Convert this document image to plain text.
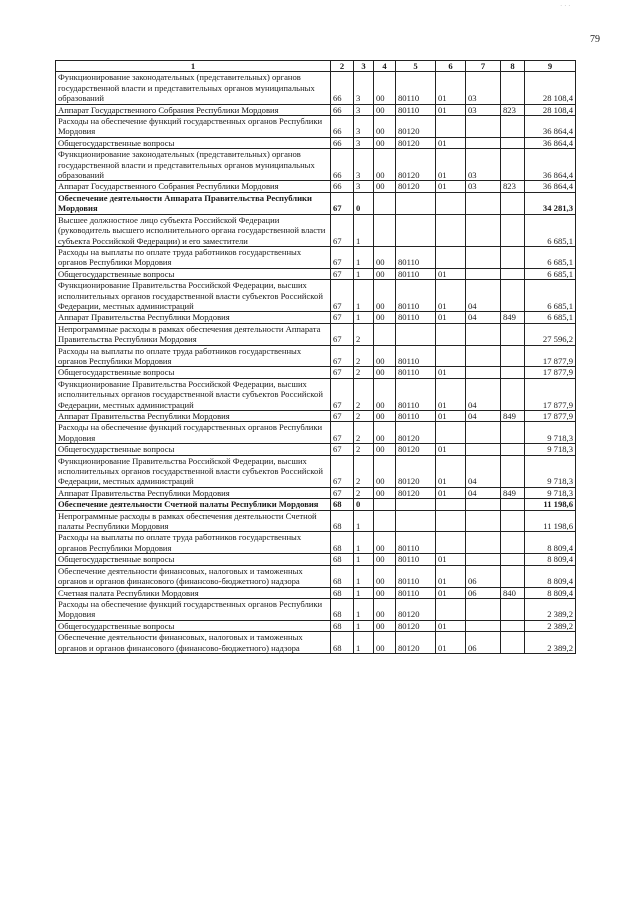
· · ·
79
1	2	3	4	5	6	7	8	9
Функционирование законодательных (представительных) органов государственной власти и представительных органов муниципальных образований	66	3	00	80110	01	03		28 108,4
Аппарат Государственного Собрания Республики Мордовия	66	3	00	80110	01	03	823	28 108,4
Расходы на обеспечение функций государственных органов Республики Мордовия	66	3	00	80120				36 864,4
Общегосударственные вопросы	66	3	00	80120	01			36 864,4
Функционирование законодательных (представительных) органов государственной власти и представительных органов муниципальных образований	66	3	00	80120	01	03		36 864,4
Аппарат Государственного Собрания Республики Мордовия	66	3	00	80120	01	03	823	36 864,4
Обеспечение деятельности Аппарата Правительства Республики Мордовия	67	0						34 281,3
Высшее должностное лицо субъекта Российской Федерации (руководитель высшего исполнительного органа государственной власти субъекта Российской Федерации) и его заместители	67	1						6 685,1
Расходы на выплаты по оплате труда работников государственных органов Республики Мордовия	67	1	00	80110				6 685,1
Общегосударственные вопросы	67	1	00	80110	01			6 685,1
Функционирование Правительства Российской Федерации, высших исполнительных органов государственной власти субъектов Российской Федерации, местных администраций	67	1	00	80110	01	04		6 685,1
Аппарат Правительства Республики Мордовия	67	1	00	80110	01	04	849	6 685,1
Непрограммные расходы в рамках обеспечения деятельности Аппарата Правительства Республики Мордовия	67	2						27 596,2
Расходы на выплаты по оплате труда работников государственных органов Республики Мордовия	67	2	00	80110				17 877,9
Общегосударственные вопросы	67	2	00	80110	01			17 877,9
Функционирование Правительства Российской Федерации, высших исполнительных органов государственной власти субъектов Российской Федерации, местных администраций	67	2	00	80110	01	04		17 877,9
Аппарат Правительства Республики Мордовия	67	2	00	80110	01	04	849	17 877,9
Расходы на обеспечение функций государственных органов Республики Мордовия	67	2	00	80120				9 718,3
Общегосударственные вопросы	67	2	00	80120	01			9 718,3
Функционирование Правительства Российской Федерации, высших исполнительных органов государственной власти субъектов Российской Федерации, местных администраций	67	2	00	80120	01	04		9 718,3
Аппарат Правительства Республики Мордовия	67	2	00	80120	01	04	849	9 718,3
Обеспечение деятельности Счетной палаты Республики Мордовия	68	0						11 198,6
Непрограммные расходы в рамках обеспечения деятельности Счетной палаты Республики Мордовия	68	1						11 198,6
Расходы на выплаты по оплате труда работников государственных органов Республики Мордовия	68	1	00	80110				8 809,4
Общегосударственные вопросы	68	1	00	80110	01			8 809,4
Обеспечение деятельности финансовых, налоговых и таможенных органов и органов финансового (финансово-бюджетного) надзора	68	1	00	80110	01	06		8 809,4
Счетная палата Республики Мордовия	68	1	00	80110	01	06	840	8 809,4
Расходы на обеспечение функций государственных органов Республики Мордовия	68	1	00	80120				2 389,2
Общегосударственные вопросы	68	1	00	80120	01			2 389,2
Обеспечение деятельности финансовых, налоговых и таможенных органов и органов финансового (финансово-бюджетного) надзора	68	1	00	80120	01	06		2 389,2
